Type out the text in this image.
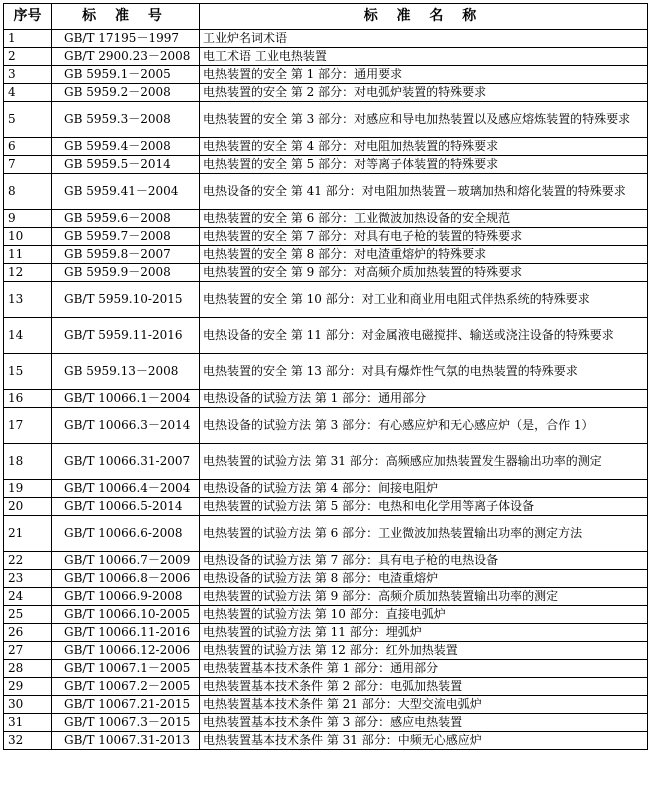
序号	标 准 号	标 准 名 称
1	GB/T 17195－1997	工业炉名词术语
2	GB/T 2900.23－2008	电工术语 工业电热装置
3	GB 5959.1－2005	电热装置的安全 第 1 部分：通用要求
4	GB 5959.2－2008	电热装置的安全 第 2 部分：对电弧炉装置的特殊要求
5	GB 5959.3－2008	电热装置的安全 第 3 部分：对感应和导电加热装置以及感应熔炼装置的特殊要求
6	GB 5959.4－2008	电热装置的安全 第 4 部分：对电阻加热装置的特殊要求
7	GB 5959.5－2014	电热装置的安全 第 5 部分：对等离子体装置的特殊要求
8	GB 5959.41－2004	电热设备的安全 第 41 部分：对电阻加热装置－玻璃加热和熔化装置的特殊要求
9	GB 5959.6－2008	电热装置的安全 第 6 部分：工业微波加热设备的安全规范
10	GB 5959.7－2008	电热装置的安全 第 7 部分：对具有电子枪的装置的特殊要求
11	GB 5959.8－2007	电热装置的安全 第 8 部分：对电渣重熔炉的特殊要求
12	GB 5959.9－2008	电热装置的安全 第 9 部分：对高频介质加热装置的特殊要求
13	GB/T 5959.10-2015	电热装置的安全 第 10 部分：对工业和商业用电阻式伴热系统的特殊要求
14	GB/T 5959.11-2016	电热设备的安全 第 11 部分：对金属液电磁搅拌、输送或浇注设备的特殊要求
15	GB 5959.13－2008	电热装置的安全 第 13 部分：对具有爆炸性气氛的电热装置的特殊要求
16	GB/T 10066.1－2004	电热设备的试验方法 第 1 部分：通用部分
17	GB/T 10066.3－2014	电热设备的试验方法 第 3 部分：有心感应炉和无心感应炉（是，合作 1）
18	GB/T 10066.31-2007	电热装置的试验方法 第 31 部分：高频感应加热装置发生器输出功率的测定
19	GB/T 10066.4－2004	电热设备的试验方法 第 4 部分：间接电阻炉
20	GB/T 10066.5-2014	电热装置的试验方法 第 5 部分：电热和电化学用等离子体设备
21	GB/T 10066.6-2008	电热装置的试验方法 第 6 部分：工业微波加热装置输出功率的测定方法
22	GB/T 10066.7－2009	电热设备的试验方法 第 7 部分：具有电子枪的电热设备
23	GB/T 10066.8－2006	电热设备的试验方法 第 8 部分：电渣重熔炉
24	GB/T 10066.9-2008	电热装置的试验方法 第 9 部分：高频介质加热装置输出功率的测定
25	GB/T 10066.10-2005	电热装置的试验方法 第 10 部分：直接电弧炉
26	GB/T 10066.11-2016	电热装置的试验方法 第 11 部分：埋弧炉
27	GB/T 10066.12-2006	电热装置的试验方法 第 12 部分：红外加热装置
28	GB/T 10067.1－2005	电热装置基本技术条件 第 1 部分：通用部分
29	GB/T 10067.2－2005	电热装置基本技术条件 第 2 部分：电弧加热装置
30	GB/T 10067.21-2015	电热装置基本技术条件 第 21 部分：大型交流电弧炉
31	GB/T 10067.3－2015	电热装置基本技术条件 第 3 部分：感应电热装置
32	GB/T 10067.31-2013	电热装置基本技术条件 第 31 部分：中频无心感应炉
